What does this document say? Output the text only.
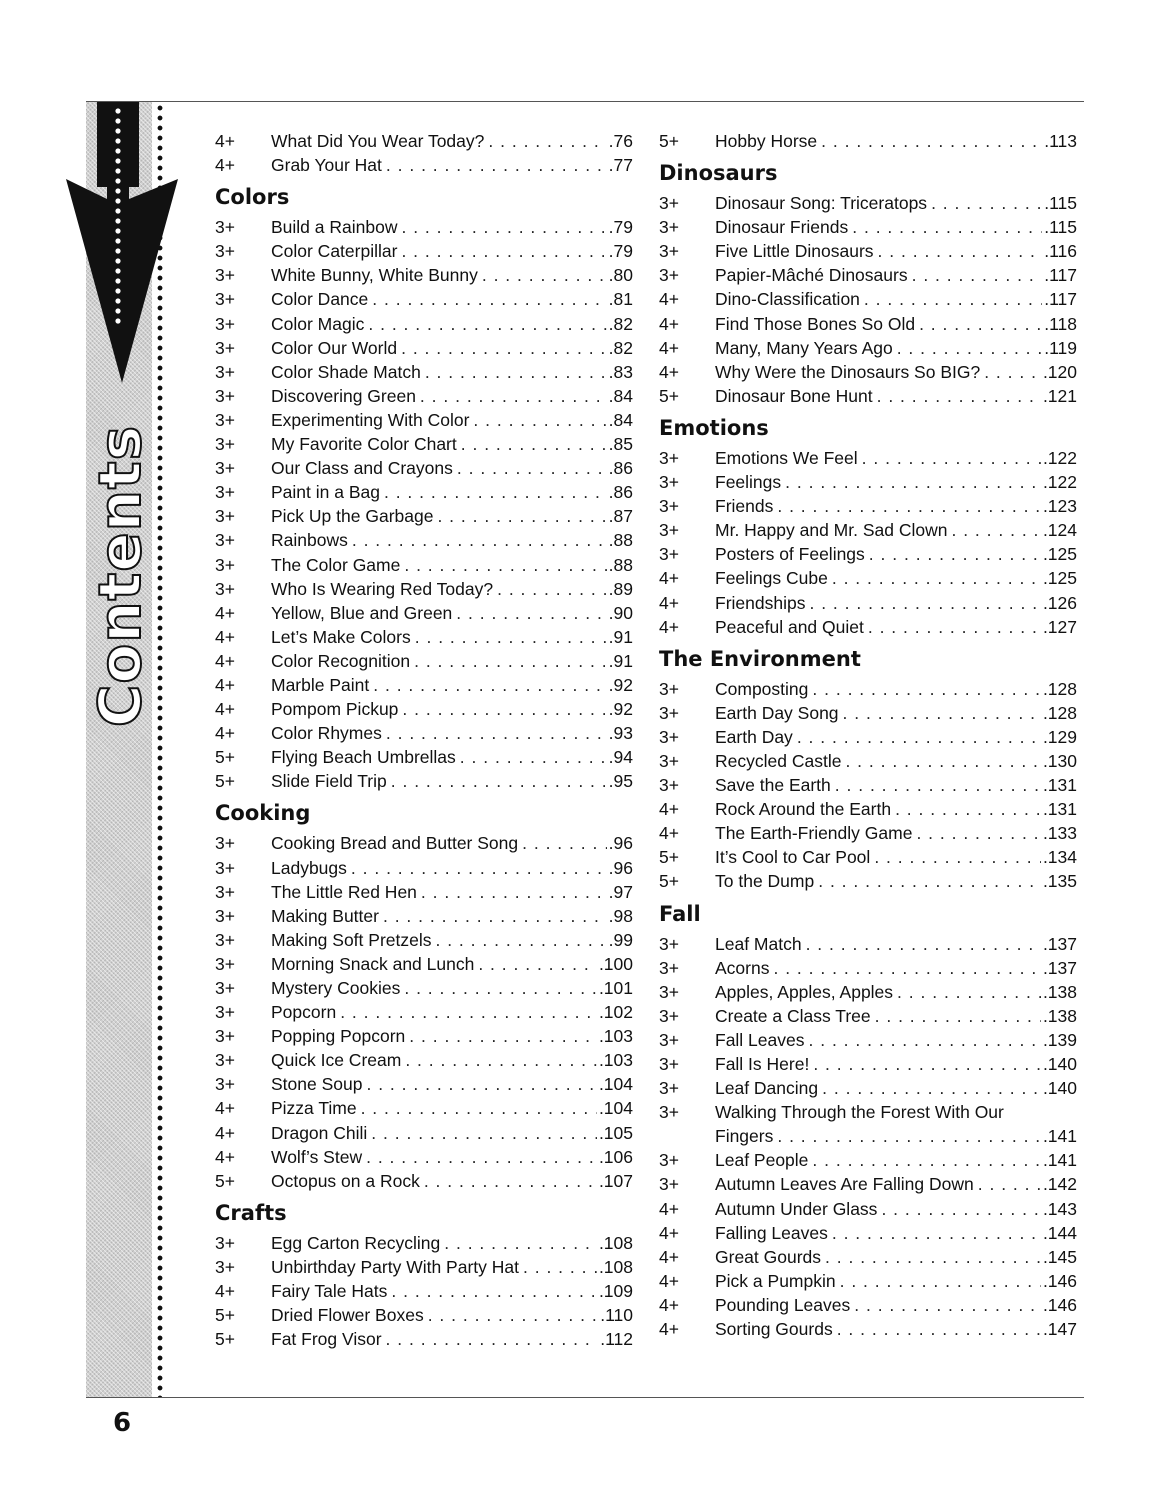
Contents
4+	What Did You Wear Today? . . .	.76
4+	Grab Your Hat . . .	.77
Colors
3+	Build a Rainbow . . .	.79
3+	Color Caterpillar . . .	.79
3+	White Bunny, White Bunny . . .	.80
3+	Color Dance . . .	.81
3+	Color Magic . . .	.82
3+	Color Our World . . .	.82
3+	Color Shade Match . . .	.83
3+	Discovering Green . . .	.84
3+	Experimenting With Color . . .	.84
3+	My Favorite Color Chart . . .	.85
3+	Our Class and Crayons . . .	.86
3+	Paint in a Bag . . .	.86
3+	Pick Up the Garbage . . .	.87
3+	Rainbows . . .	.88
3+	The Color Game . . .	.88
3+	Who Is Wearing Red Today? . . .	.89
4+	Yellow, Blue and Green . . .	.90
4+	Let’s Make Colors . . .	.91
4+	Color Recognition . . .	.91
4+	Marble Paint . . .	.92
4+	Pompom Pickup . . .	.92
4+	Color Rhymes . . .	.93
5+	Flying Beach Umbrellas . . .	.94
5+	Slide Field Trip . . .	.95
Cooking
3+	Cooking Bread and Butter Song . . .	.96
3+	Ladybugs . . .	.96
3+	The Little Red Hen . . .	.97
3+	Making Butter . . .	.98
3+	Making Soft Pretzels . . .	.99
3+	Morning Snack and Lunch . . .	.100
3+	Mystery Cookies . . .	.101
3+	Popcorn . . .	.102
3+	Popping Popcorn . . .	.103
3+	Quick Ice Cream . . .	.103
3+	Stone Soup . . .	.104
4+	Pizza Time . . .	.104
4+	Dragon Chili . . .	.105
4+	Wolf’s Stew . . .	.106
5+	Octopus on a Rock . . .	.107
Crafts
3+	Egg Carton Recycling . . .	.108
3+	Unbirthday Party With Party Hat . . .	.108
4+	Fairy Tale Hats . . .	.109
5+	Dried Flower Boxes . . .	.110
5+	Fat Frog Visor . . .	.112
5+	Hobby Horse . . .	.113
Dinosaurs
3+	Dinosaur Song: Triceratops . . .	.115
3+	Dinosaur Friends . . .	.115
3+	Five Little Dinosaurs . . .	.116
3+	Papier-Mâché Dinosaurs . . .	.117
4+	Dino-Classification . . .	.117
4+	Find Those Bones So Old . . .	.118
4+	Many, Many Years Ago . . .	.119
4+	Why Were the Dinosaurs So BIG? . . .	.120
5+	Dinosaur Bone Hunt . . .	.121
Emotions
3+	Emotions We Feel . . .	.122
3+	Feelings . . .	.122
3+	Friends . . .	.123
3+	Mr. Happy and Mr. Sad Clown . . .	.124
3+	Posters of Feelings . . .	.125
4+	Feelings Cube . . .	.125
4+	Friendships . . .	.126
4+	Peaceful and Quiet . . .	.127
The Environment
3+	Composting . . .	.128
3+	Earth Day Song . . .	.128
3+	Earth Day . . .	.129
3+	Recycled Castle . . .	.130
3+	Save the Earth . . .	.131
4+	Rock Around the Earth . . .	.131
4+	The Earth-Friendly Game . . .	.133
5+	It’s Cool to Car Pool . . .	.134
5+	To the Dump . . .	.135
Fall
3+	Leaf Match . . .	.137
3+	Acorns . . .	.137
3+	Apples, Apples, Apples . . .	.138
3+	Create a Class Tree . . .	.138
3+	Fall Leaves . . .	.139
3+	Fall Is Here! . . .	.140
3+	Leaf Dancing . . .	.140
3+	Walking Through the Forest With Our
Fingers . . .	.141
3+	Leaf People . . .	.141
3+	Autumn Leaves Are Falling Down . . .	.142
4+	Autumn Under Glass . . .	.143
4+	Falling Leaves . . .	.144
4+	Great Gourds . . .	.145
4+	Pick a Pumpkin . . .	.146
4+	Pounding Leaves . . .	.146
4+	Sorting Gourds . . .	.147
6
